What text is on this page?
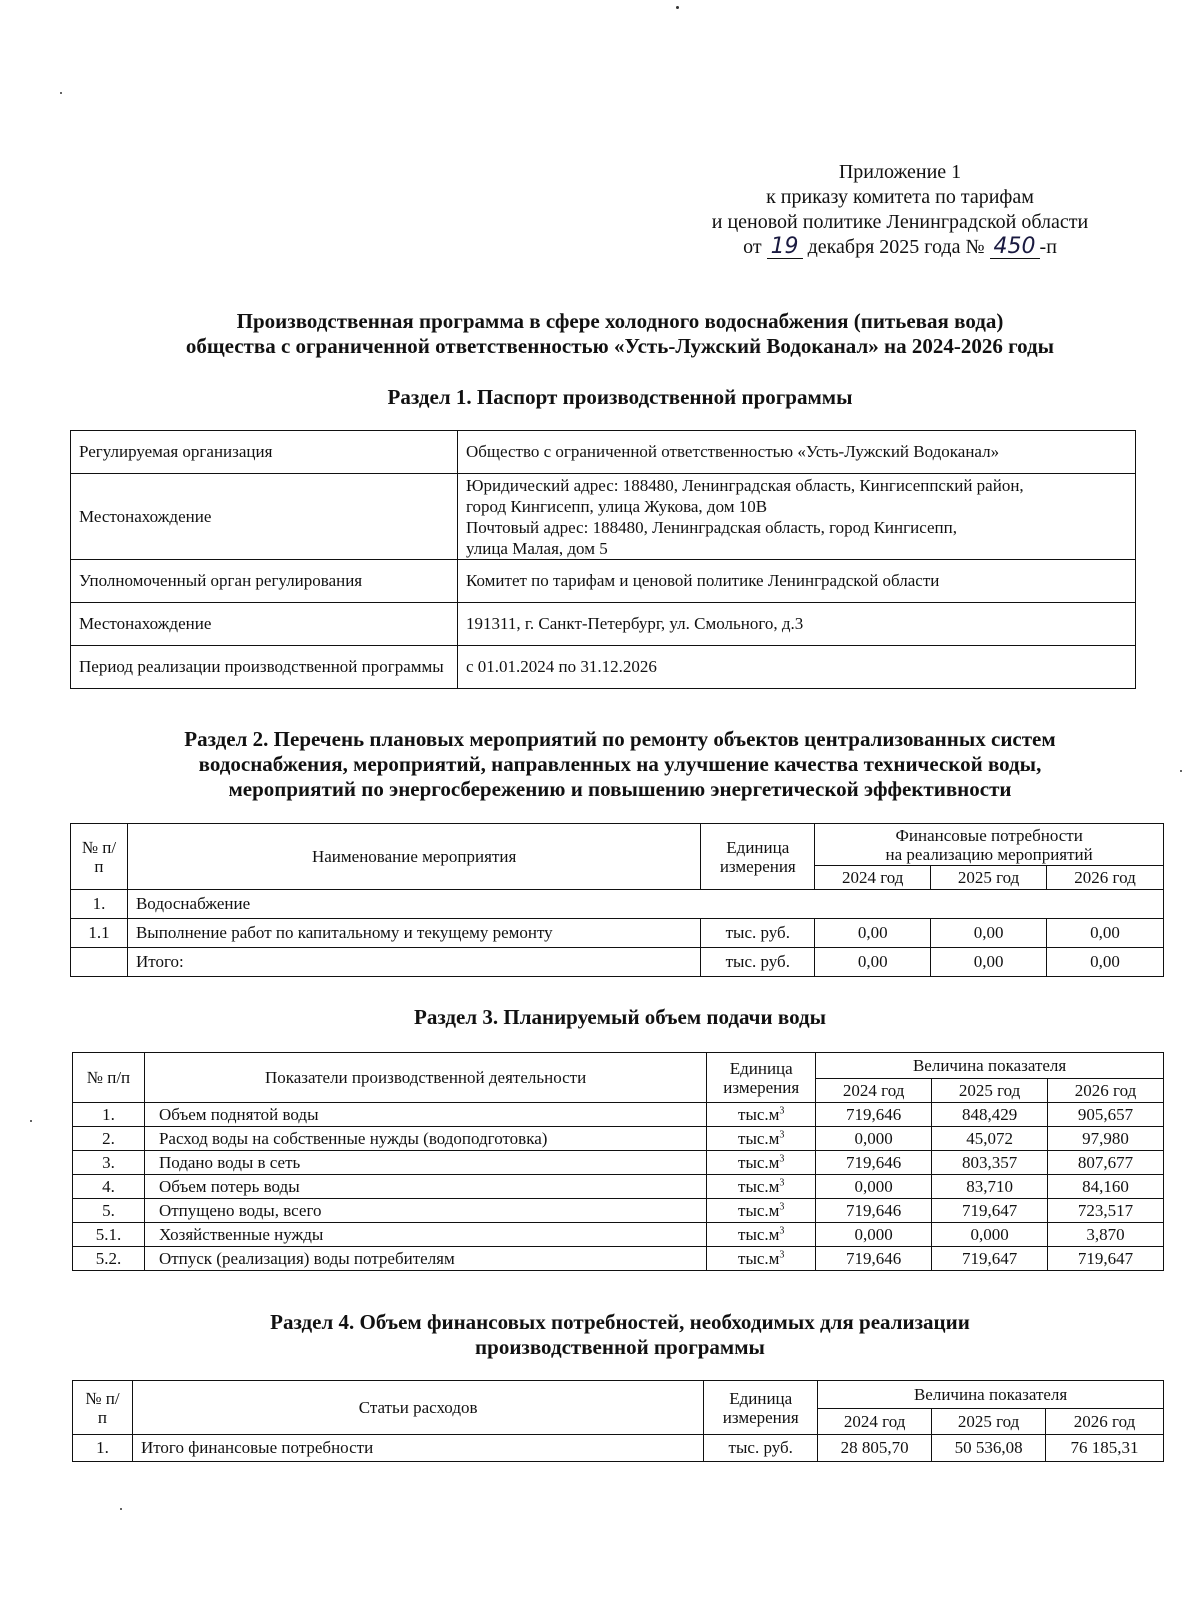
Приложение 1
к приказу комитета по тарифам
и ценовой политике Ленинградской области
от 19 декабря 2025 года № 450 -п
Производственная программа в сфере холодного водоснабжения (питьевая вода)
общества с ограниченной ответственностью «Усть-Лужский Водоканал» на 2024-2026 годы
Раздел 1. Паспорт производственной программы
Регулируемая организация	Общество с ограниченной ответственностью «Усть-Лужский Водоканал»

Местонахождение	Юридический адрес: 188480, Ленинградская область, Кингисеппский район,
город Кингисепп, улица Жукова, дом 10В
Почтовый адрес: 188480, Ленинградская область, город Кингисепп,
улица Малая, дом 5

Уполномоченный орган регулирования	Комитет по тарифам и ценовой политике Ленинградской области

Местонахождение	191311, г. Санкт-Петербург, ул. Смольного, д.3

Период реализации производственной программы	с 01.01.2024 по 31.12.2026
Раздел 2. Перечень плановых мероприятий по ремонту объектов централизованных систем
водоснабжения, мероприятий, направленных на улучшение качества технической воды,
мероприятий по энергосбережению и повышению энергетической эффективности
№ п/п	Наименование мероприятия	Единица измерения	Финансовые потребности
на реализацию мероприятий		

			2024 год	2025 год	2026 год
1.	Водоснабжение				
1.1	Выполнение работ по капитальному и текущему ремонту	тыс. руб.	0,00	0,00	0,00
	Итого:	тыс. руб.	0,00	0,00	0,00
Раздел 3. Планируемый объем подачи воды
№ п/п	Показатели производственной деятельности	Единица измерения	Величина показателя		
			2024 год	2025 год	2026 год
1.	Объем поднятой воды	$тыс.м^3$	719,646	848,429	905,657
2.	Расход воды на собственные нужды (водоподготовка)	$тыс.м^3$	0,000	45,072	97,980
3.	Подано воды в сеть	$тыс.м^3$	719,646	803,357	807,677
4.	Объем потерь воды	$тыс.м^3$	0,000	83,710	84,160
5.	Отпущено воды, всего	$тыс.м^3$	719,646	719,647	723,517
5.1.	Хозяйственные нужды	$тыс.м^3$	0,000	0,000	3,870
5.2.	Отпуск (реализация) воды потребителям	$тыс.м^3$	719,646	719,647	719,647
Раздел 4. Объем финансовых потребностей, необходимых для реализации
производственной программы
№ п/п	Статьи расходов	Единица измерения	Величина показателя		
			2024 год	2025 год	2026 год
1.	Итого финансовые потребности	тыс. руб.	28 805,70	50 536,08	76 185,31
